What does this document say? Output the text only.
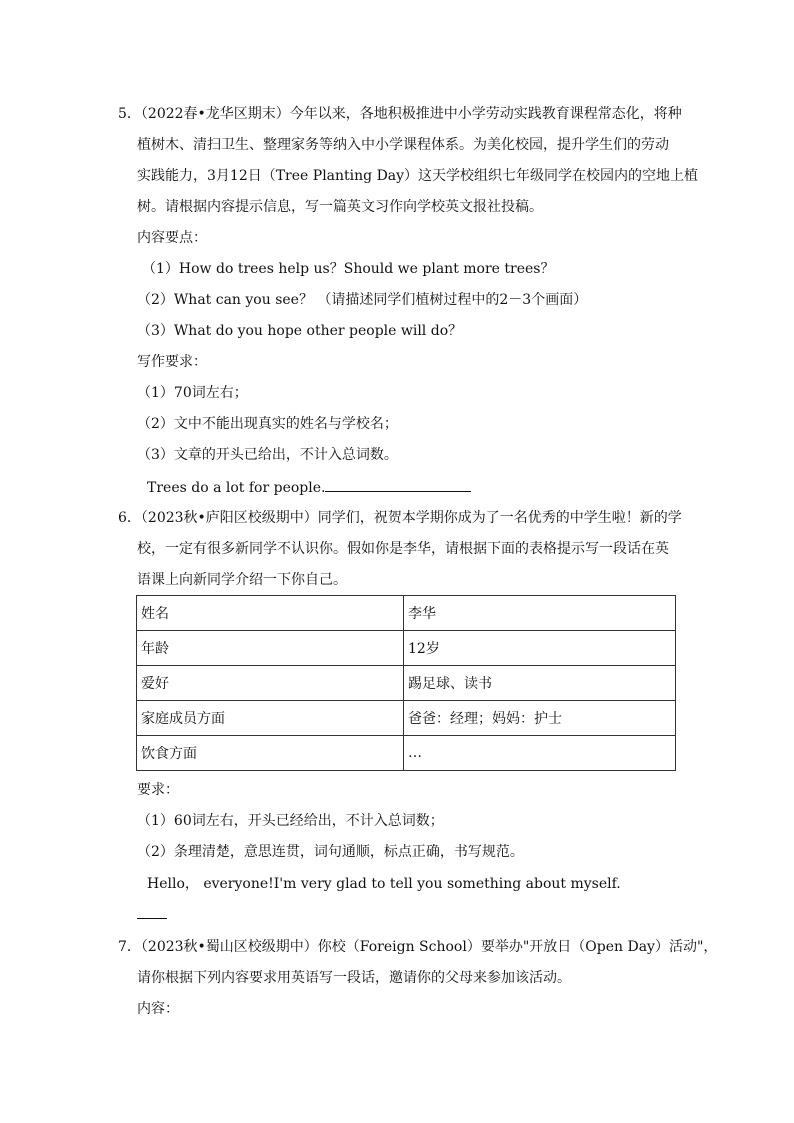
5．（2022春•龙华区期末）今年以来，各地积极推进中小学劳动实践教育课程常态化，将种
植树木、清扫卫生、整理家务等纳入中小学课程体系。为美化校园，提升学生们的劳动
实践能力，3月12日（Tree Planting Day）这天学校组织七年级同学在校园内的空地上植
树。请根据内容提示信息，写一篇英文习作向学校英文报社投稿。
内容要点：
（1）How do trees help us？Should we plant more trees？
（2）What can you see？ （请描述同学们植树过程中的2－3个画面）
（3）What do you hope other people will do？
写作要求：
（1）70词左右；
（2）文中不能出现真实的姓名与学校名；
（3）文章的开头已给出，不计入总词数。
Trees do a lot for people.
6．（2023秋•庐阳区校级期中）同学们，祝贺本学期你成为了一名优秀的中学生啦！新的学
校，一定有很多新同学不认识你。假如你是李华，请根据下面的表格提示写一段话在英
语课上向新同学介绍一下你自己。
姓名	李华
年龄	12岁
爱好	踢足球、读书
家庭成员方面	爸爸：经理；妈妈：护士
饮食方面	…
要求：
（1）60词左右，开头已经给出，不计入总词数；
（2）条理清楚，意思连贯，词句通顺，标点正确，书写规范。
Hello， everyone!I'm very glad to tell you something about myself.
7．（2023秋•蜀山区校级期中）你校（Foreign School）要举办"开放日（Open Day）活动"，
请你根据下列内容要求用英语写一段话，邀请你的父母来参加该活动。
内容：
